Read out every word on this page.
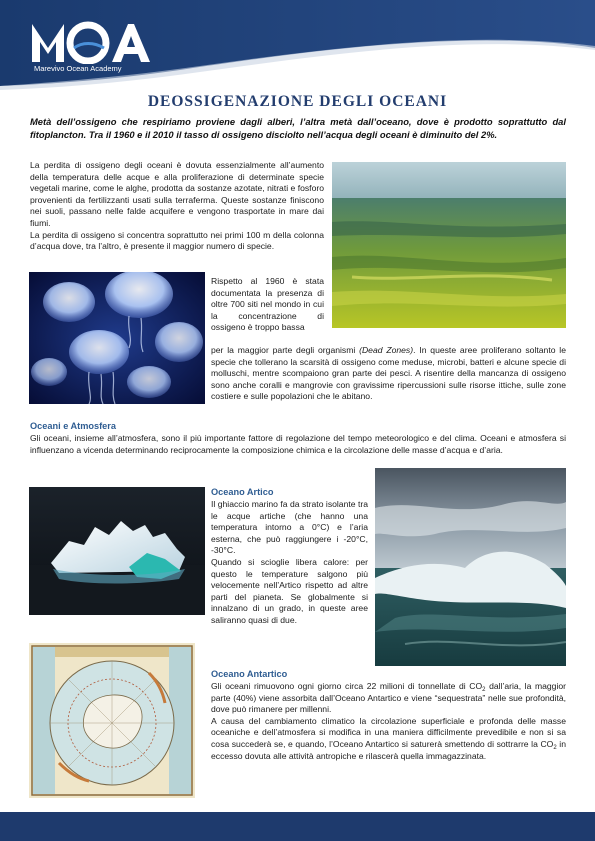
Marevivo Ocean Academy
DEOSSIGENAZIONE DEGLI OCEANI
Metà dell’ossigeno che respiriamo proviene dagli alberi, l’altra metà dall’oceano, dove è prodotto soprattutto dal fitoplancton. Tra il 1960 e il 2010 il tasso di ossigeno disciolto nell’acqua degli oceani è diminuito del 2%.

La perdita di ossigeno degli oceani è dovuta essenzialmente all’aumento della temperatura delle acque e alla proliferazione di determinate specie vegetali marine, come le alghe, prodotta da sostanze azotate, nitrati e fosforo provenienti da fertilizzanti usati sulla terraferma. Queste sostanze finiscono nei suoli, passano nelle falde acquifere e vengono trasportate in mare dai fiumi.

La perdita di ossigeno si concentra soprattutto nei primi 100 m della colonna d’acqua dove, tra l’altro, è presente il maggior numero di specie.

Rispetto al 1960 è stata documentata la presenza di oltre 700 siti nel mondo in cui la concentrazione di ossigeno è troppo bassa

per la maggior parte degli organismi (Dead Zones). In queste aree proliferano soltanto le specie che tollerano la scarsità di ossigeno come meduse, microbi, batteri e alcune specie di molluschi, mentre scompaiono gran parte dei pesci. A risentire della mancanza di ossigeno sono anche coralli e mangrovie con gravissime ripercussioni sulle risorse ittiche, sulle zone costiere e sulle popolazioni che le abitano.

Oceani e Atmosfera
Gli oceani, insieme all’atmosfera, sono il più importante fattore di regolazione del tempo meteorologico e del clima. Oceani e atmosfera si influenzano a vicenda determinando reciprocamente la composizione chimica e la circolazione delle masse d’acqua e d’aria.
Oceano Artico

Il ghiaccio marino fa da strato isolante tra le acque artiche (che hanno una temperatura intorno a 0°C) e l’aria esterna, che può raggiungere i -20°C, -30°C.

Quando si scioglie libera calore: per questo le temperature salgono più velocemente nell’Artico rispetto ad altre parti del pianeta. Se globalmente si innalzano di un grado, in queste aree saliranno quasi di due.

Oceano Antartico

Gli oceani rimuovono ogni giorno circa 22 milioni di tonnellate di $CO_2$ dall’aria, la maggior parte (40%) viene assorbita dall’Oceano Antartico e viene “sequestrata” nelle sue profondità, dove può rimanere per millenni.

A causa del cambiamento climatico la circolazione superficiale e profonda delle masse oceaniche e dell’atmosfera si modifica in una maniera difficilmente prevedibile e non si sa cosa succederà se, e quando, l’Oceano Antartico si saturerà smettendo di sottrarre la $CO_2$ in eccesso dovuta alle attività antropiche e rilascerà quella immagazzinata.
